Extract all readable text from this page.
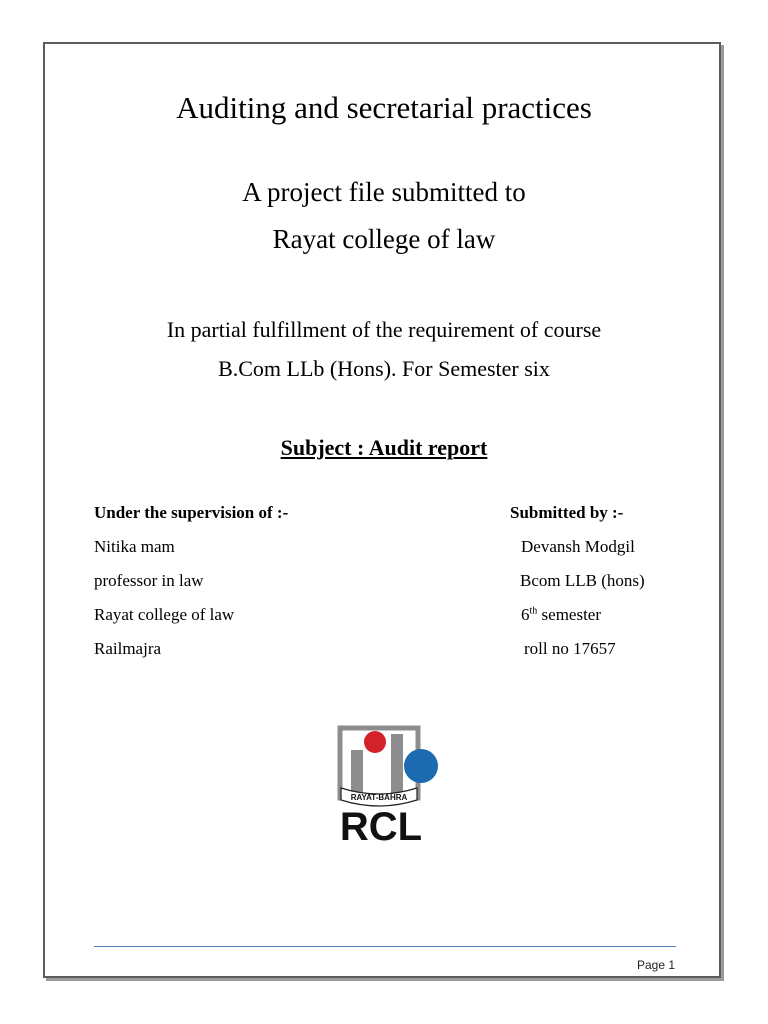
Auditing and secretarial practices
A project file submitted to
Rayat college of law
In partial fulfillment of the requirement of course
B.Com LLb (Hons). For Semester six
Subject : Audit report
Under the supervision of :-
Nitika mam
professor in law
Rayat college of law
Railmajra
Submitted by :-
Devansh Modgil
Bcom LLB (hons)
6th semester
roll no 17657
RAYAT-BAHRA
RCL
Page 1
